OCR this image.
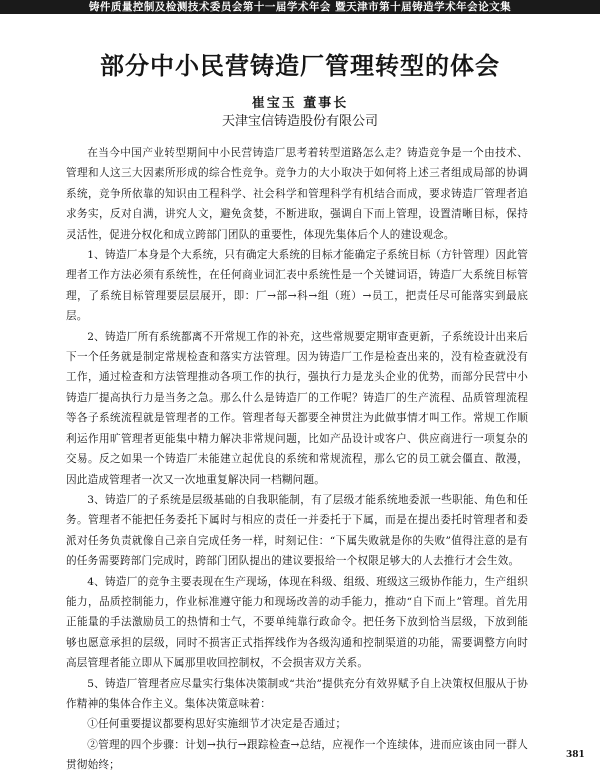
铸件质量控制及检测技术委员会第十一届学术年会 暨天津市第十届铸造学术年会论文集
部分中小民营铸造厂管理转型的体会
崔宝玉 董事长
天津宝信铸造股份有限公司

在当今中国产业转型期间中小民营铸造厂思考着转型道路怎么走？铸造竞争是一个由技术、管理和人这三大因素所形成的综合性竞争。竞争力的大小取决于如何将上述三者组成局部的协调系统，竞争所依靠的知识由工程科学、社会科学和管理科学有机结合而成，要求铸造厂管理者追求务实，反对自满，讲究人文，避免贪婪，不断进取，强调自下而上管理，设置清晰目标，保持灵活性，促进分权化和成立跨部门团队的重要性，体现先集体后个人的建设观念。

1、铸造厂本身是个大系统，只有确定大系统的目标才能确定子系统目标（方针管理）因此管理者工作方法必须有系统性，在任何商业词汇表中系统性是一个关键词语，铸造厂大系统目标管理，了系统目标管理要层层展开，即：厂→部→科→组（班）→员工，把责任尽可能落实到最底层。

2、铸造厂所有系统都离不开常规工作的补充，这些常规要定期审查更新，子系统设计出来后下一个任务就是制定常规检查和落实方法管理。因为铸造厂工作是检查出来的，没有检查就没有工作，通过检查和方法管理推动各项工作的执行，强执行力是龙头企业的优势，而部分民营中小铸造厂提高执行力是当务之急。那么什么是铸造厂的工作呢？铸造厂的生产流程、品质管理流程等各子系统流程就是管理者的工作。管理者每天都要全神贯注为此做事情才叫工作。常规工作顺利运作用旷管理者更能集中精力解决非常规问题，比如产品设计或客户、供应商进行一项复杂的交易。反之如果一个铸造厂未能建立起优良的系统和常规流程，那么它的员工就会僵直、散漫，因此造成管理者一次又一次地重复解决同一档糊问题。

3、铸造厂的子系统是层级基础的自我职能制，有了层级才能系统地委派一些职能、角色和任务。管理者不能把任务委托下属时与相应的责任一并委托于下属，而是在提出委托时管理者和委派对任务负责就像自己亲自完成任务一样，时刻记住：“下属失败就是你的失败”值得注意的是有的任务需要跨部门完成时，跨部门团队提出的建议要报给一个权限足够大的人去推行才会生效。

4、铸造厂的竞争主要表现在生产现场，体现在科级、组级、班级这三级协作能力，生产组织能力，品质控制能力，作业标准遵守能力和现场改善的动手能力，推动“自下而上”管理。首先用正能量的手法激励员工的热情和士气，不要单纯靠行政命令。把任务下放到恰当层级，下放到能够也愿意承担的层级，同时不损害正式指挥线作为各级沟通和控制渠道的功能，需要调整方向时高层管理者能立即从下属那里收回控制权，不会损害双方关系。

5、铸造厂管理者应尽量实行集体决策制或“共治”提供充分有效界赋予自上决策权但服从于协作精神的集体合作主义。集体决策意味着：

①任何重要提议都要构思好实施细节才决定是否通过；

②管理的四个步骤：计划→执行→跟踪检查→总结，应视作一个连续体，进而应该由同一群人贯彻始终；

381
